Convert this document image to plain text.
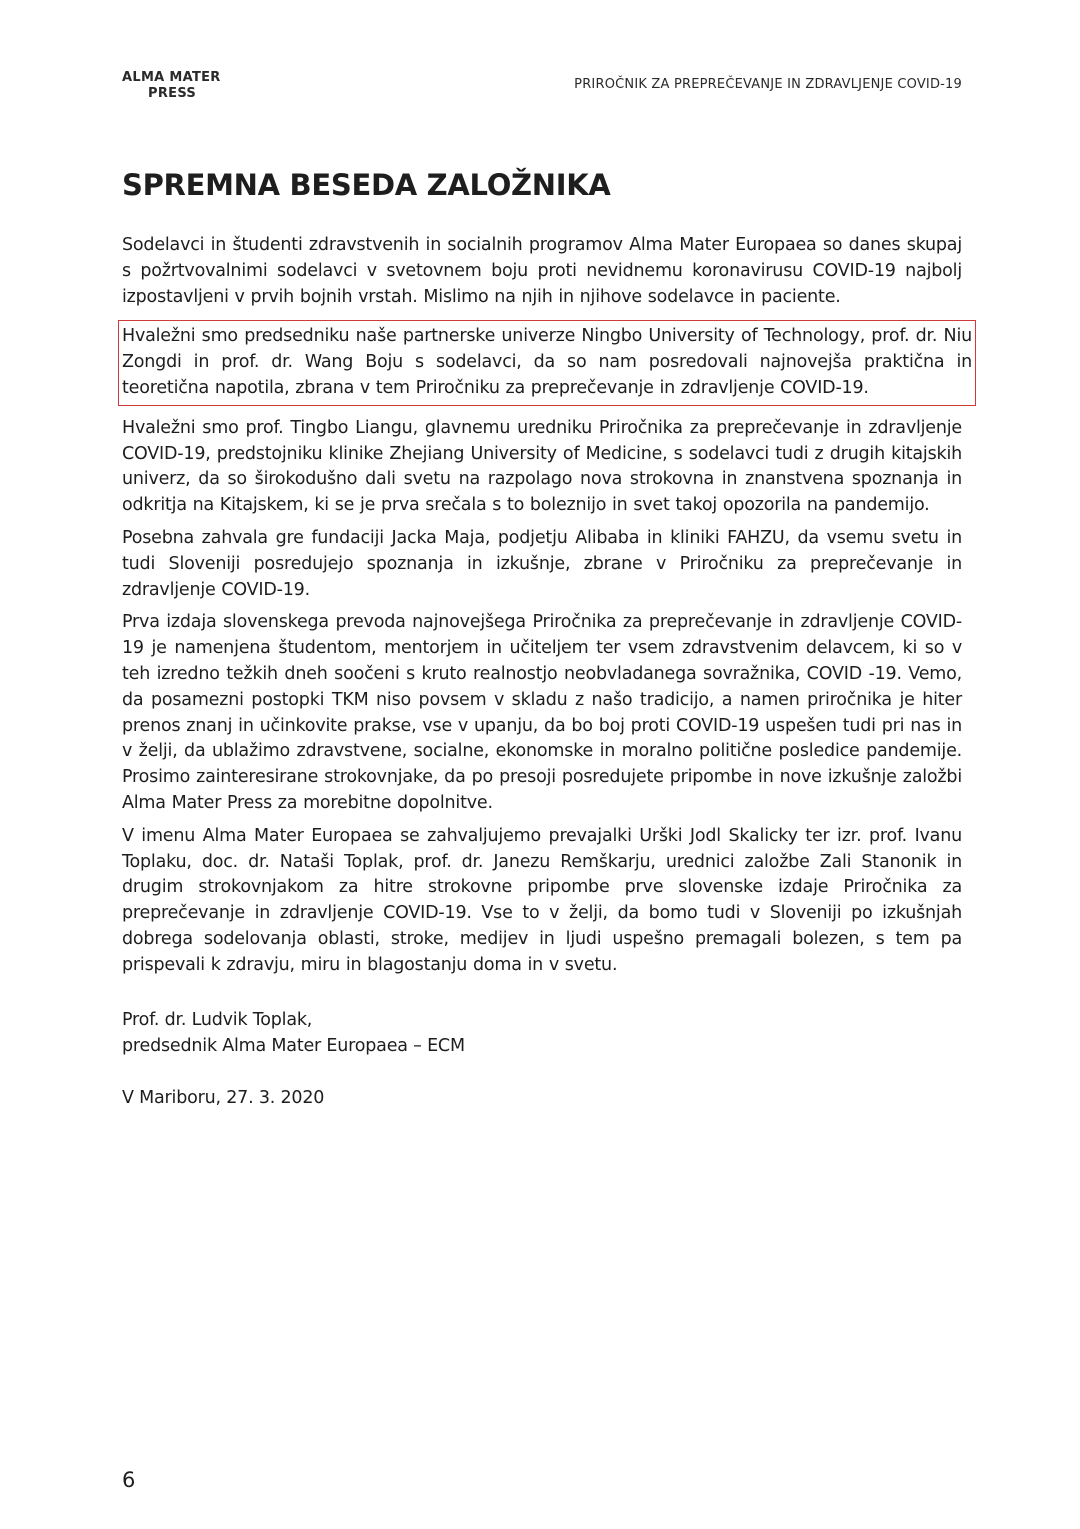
ALMA MATER
PRESS
PRIROČNIK ZA PREPREČEVANJE IN ZDRAVLJENJE COVID-19
SPREMNA BESEDA ZALOŽNIKA

Sodelavci in študenti zdravstvenih in socialnih programov Alma Mater Europaea so danes skupaj s požrtvovalnimi sodelavci v svetovnem boju proti nevidnemu koronavirusu COVID-19 najbolj izpostavljeni v prvih bojnih vrstah. Mislimo na njih in njihove sodelavce in paciente.

Hvaležni smo predsedniku naše partnerske univerze Ningbo University of Technology, prof. dr. Niu Zongdi in prof. dr. Wang Boju s sodelavci, da so nam posredovali najnovejša praktična in teoretična napotila, zbrana v tem Priročniku za preprečevanje in zdravljenje COVID-19.

Hvaležni smo prof. Tingbo Liangu, glavnemu uredniku Priročnika za preprečevanje in zdravljenje COVID-19, predstojniku klinike Zhejiang University of Medicine, s sodelavci tudi z drugih kitajskih univerz, da so širokodušno dali svetu na razpolago nova strokovna in znanstvena spoznanja in odkritja na Kitajskem, ki se je prva srečala s to boleznijo in svet takoj opozorila na pandemijo.

Posebna zahvala gre fundaciji Jacka Maja, podjetju Alibaba in kliniki FAHZU, da vsemu svetu in tudi Sloveniji posredujejo spoznanja in izkušnje, zbrane v Priročniku za preprečevanje in zdravljenje COVID-19.

Prva izdaja slovenskega prevoda najnovejšega Priročnika za preprečevanje in zdravljenje COVID-19 je namenjena študentom, mentorjem in učiteljem ter vsem zdravstvenim delavcem, ki so v teh izredno težkih dneh soočeni s kruto realnostjo neobvladanega sovražnika, COVID -19. Vemo, da posamezni postopki TKM niso povsem v skladu z našo tradicijo, a namen priročnika je hiter prenos znanj in učinkovite prakse, vse v upanju, da bo boj proti COVID-19 uspešen tudi pri nas in v želji, da ublažimo zdravstvene, socialne, ekonomske in moralno politične posledice pandemije. Prosimo zainteresirane strokovnjake, da po presoji posredujete pripombe in nove izkušnje založbi Alma Mater Press za morebitne dopolnitve.

V imenu Alma Mater Europaea se zahvaljujemo prevajalki Urški Jodl Skalicky ter izr. prof. Ivanu Toplaku, doc. dr. Nataši Toplak, prof. dr. Janezu Remškarju, urednici založbe Zali Stanonik in drugim strokovnjakom za hitre strokovne pripombe prve slovenske izdaje Priročnika za preprečevanje in zdravljenje COVID-19. Vse to v želji, da bomo tudi v Sloveniji po izkušnjah dobrega sodelovanja oblasti, stroke, medijev in ljudi uspešno premagali bolezen, s tem pa prispevali k zdravju, miru in blagostanju doma in v svetu.

Prof. dr. Ludvik Toplak,
predsednik Alma Mater Europaea – ECM
V Mariboru, 27. 3. 2020
6
